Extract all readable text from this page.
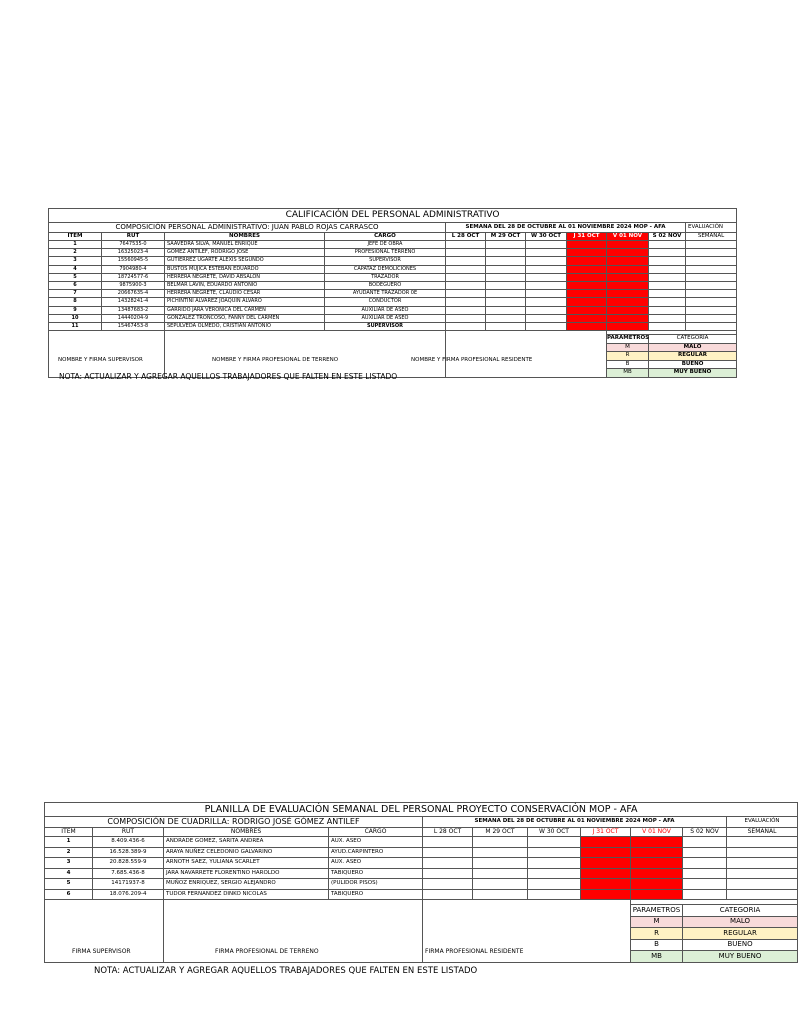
CALIFICACIÓN DEL PERSONAL ADMINISTRATIVO										
COMPOSICIÓN PERSONAL ADMINISTRATIVO: JUAN PABLO ROJAS CARRASCO				SEMANA DEL 28 DE OCTUBRE AL 01 NOVIEMBRE 2024 MOP - AFA						EVALUACIÓN
ITEM	RUT	NOMBRES	CARGO	L 28 OCT	M 29 OCT	W 30 OCT	J 31 OCT	V 01 NOV	S 02 NOV	SEMANAL
1	7647535-0	SAAVEDRA SILVA, MANUEL ENRIQUE	JEFE DE OBRA							
2	16325023-4	GOMEZ ANTILEF, RODRIGO JOSE	PROFESIONAL TERRENO							
3	15560945-5	GUTIERREZ UGARTE ALEXIS SEGUNDO	SUPERVISOR							
4	7904980-4	BUSTOS MUJICA ESTEBAN EDUARDO	CAPATAZ DEMOLICIONES							
5	18724577-6	HERRERA NEGRETE, DAVID ABSALON	TRAZADOR							
6	9875900-3	BELMAR LAVIN, EDUARDO ANTONIO	BODEGUERO							
7	20667635-4	HERRERA NEGRETE, CLAUDIO CESAR	AYUDANTE TRAZADOR 0E							
8	14328241-4	PICHINTINI ALVAREZ JOAQUIN ALVARO	CONDUCTOR							
9	13487683-2	GARRIDO JARA VERONICA DEL CARMEN	AUXILIAR DE ASEO							
10	14440204-9	GONZALEZ TRONCOSO, FANNY DEL CARMEN	AUXILIAR DE ASEO							
11	15467453-8	SEPULVEDA OLMEDO, CRISTIAN ANTONIO	SUPERVISOR							

								PARAMETROS	CATEGORIA	
								M	MALO	
								R	REGULAR	
								B	BUENO	
								MB	MUY BUENO	
NOMBRE Y FIRMA SUPERVISOR	NOMBRE Y FIRMA PROFESIONAL DE TERRENO	NOMBRE Y FIRMA PROFESIONAL RESIDENTE
NOTA: ACTUALIZAR Y AGREGAR AQUELLOS TRABAJADORES QUE FALTEN EN ESTE LISTADO
PLANILLA DE EVALUACIÓN SEMANAL DEL PERSONAL PROYECTO CONSERVACIÓN MOP - AFA										
COMPOSICIÓN DE CUADRILLA: RODRIGO JOSÉ GÓMEZ ANTILEF				SEMANA DEL 28 DE OCTUBRE AL 01 NOVIEMBRE 2024 MOP - AFA						EVALUACIÓN
ITEM	RUT	NOMBRES	CARGO	L 28 OCT	M 29 OCT	W 30 OCT	J 31 OCT	V 01 NOV	S 02 NOV	SEMANAL
1	8.409.436-6	ANDRADE GOMEZ, SARITA ANDREA	AUX. ASEO							
2	16.528.389-9	ARAYA NUÑEZ CELEDONIO GALVARINO	AYUD.CARPINTERO							
3	20.828.559-9	ARNOTH SAEZ, YULIANA SCARLET	AUX. ASEO							
4	7.685.436-8	JARA NAVARRETE FLORENTINO HAROLDO	TABIQUERO							
5	14171937-8	MUÑOZ ENRIQUEZ, SERGIO ALEJANDRO	(PULIDOR PISOS)							
6	18.076.209-4	TUDOR FERNANDEZ DINKO NICOLAS	TABIQUERO							

								PARAMETROS	CATEGORIA	
								M	MALO	
								R	REGULAR	
								B	BUENO	
								MB	MUY BUENO	
FIRMA SUPERVISOR	FIRMA PROFESIONAL DE TERRENO	FIRMA PROFESIONAL RESIDENTE
NOTA: ACTUALIZAR Y AGREGAR AQUELLOS TRABAJADORES QUE FALTEN EN ESTE LISTADO
